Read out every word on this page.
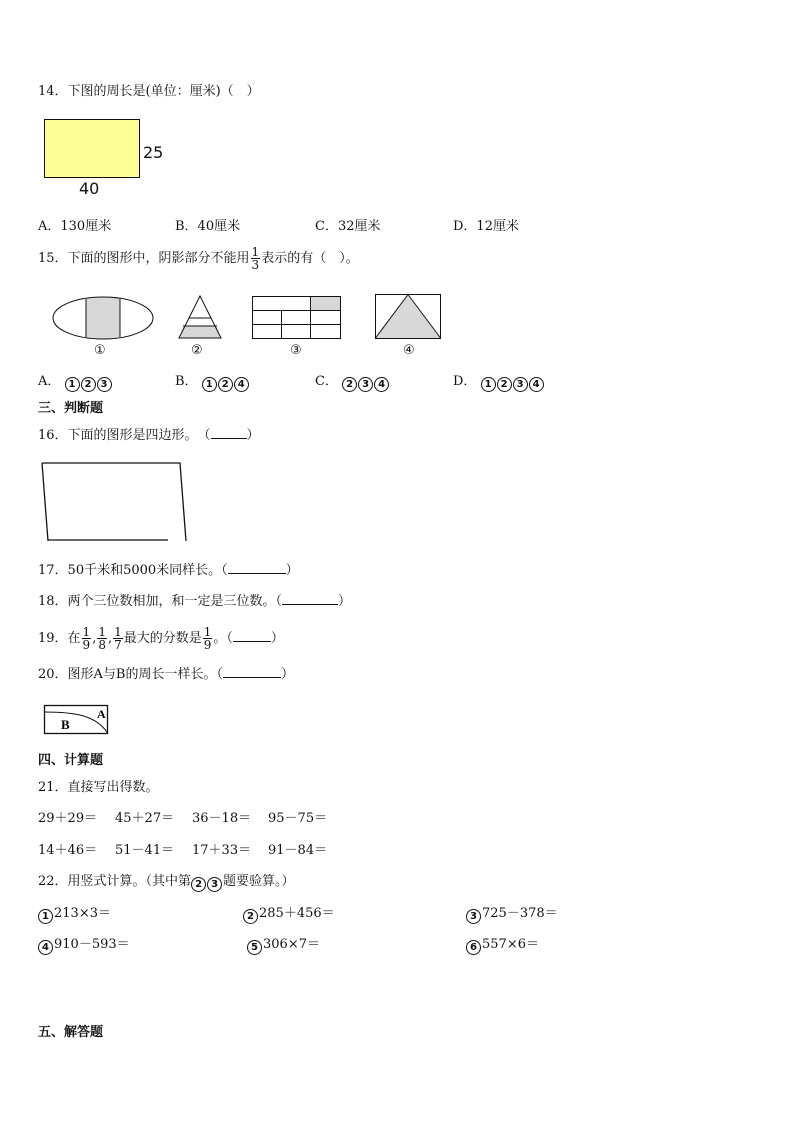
14．下图的周长是(单位：厘米)（　）
25
40
A．130厘米	B．40厘米	C．32厘米	D．12厘米
15．下面的图形中，阴影部分不能用 $\frac{1}{3}$ 表示的有（　）。
①	②	③	④
A． 1 2 3	B． 1 2 4	C． 2 3 4	D． 1 2 3 4
三、判断题
16．下面的图形是四边形。　（	）
17．50千米和5000米同样长。（	）
18．两个三位数相加，和一定是三位数。（	）
19．在 $\frac{1}{9}$ , $\frac{1}{8}$ , $\frac{1}{7}$ 最大的分数是 $\frac{1}{9}$ 。（	）
20．图形A与B的周长一样长。（	）
B
A
四、计算题
21．直接写出得数。
29＋29＝ 45＋27＝ 36－18＝ 95－75＝
14＋46＝ 51－41＝ 17＋33＝ 91－84＝
22．用竖式计算。（其中第 2 3 题要验算。）
1 213×3＝	2 285＋456＝	3 725－378＝
4 910－593＝	5 306×7＝	6 557×6＝
五、解答题
